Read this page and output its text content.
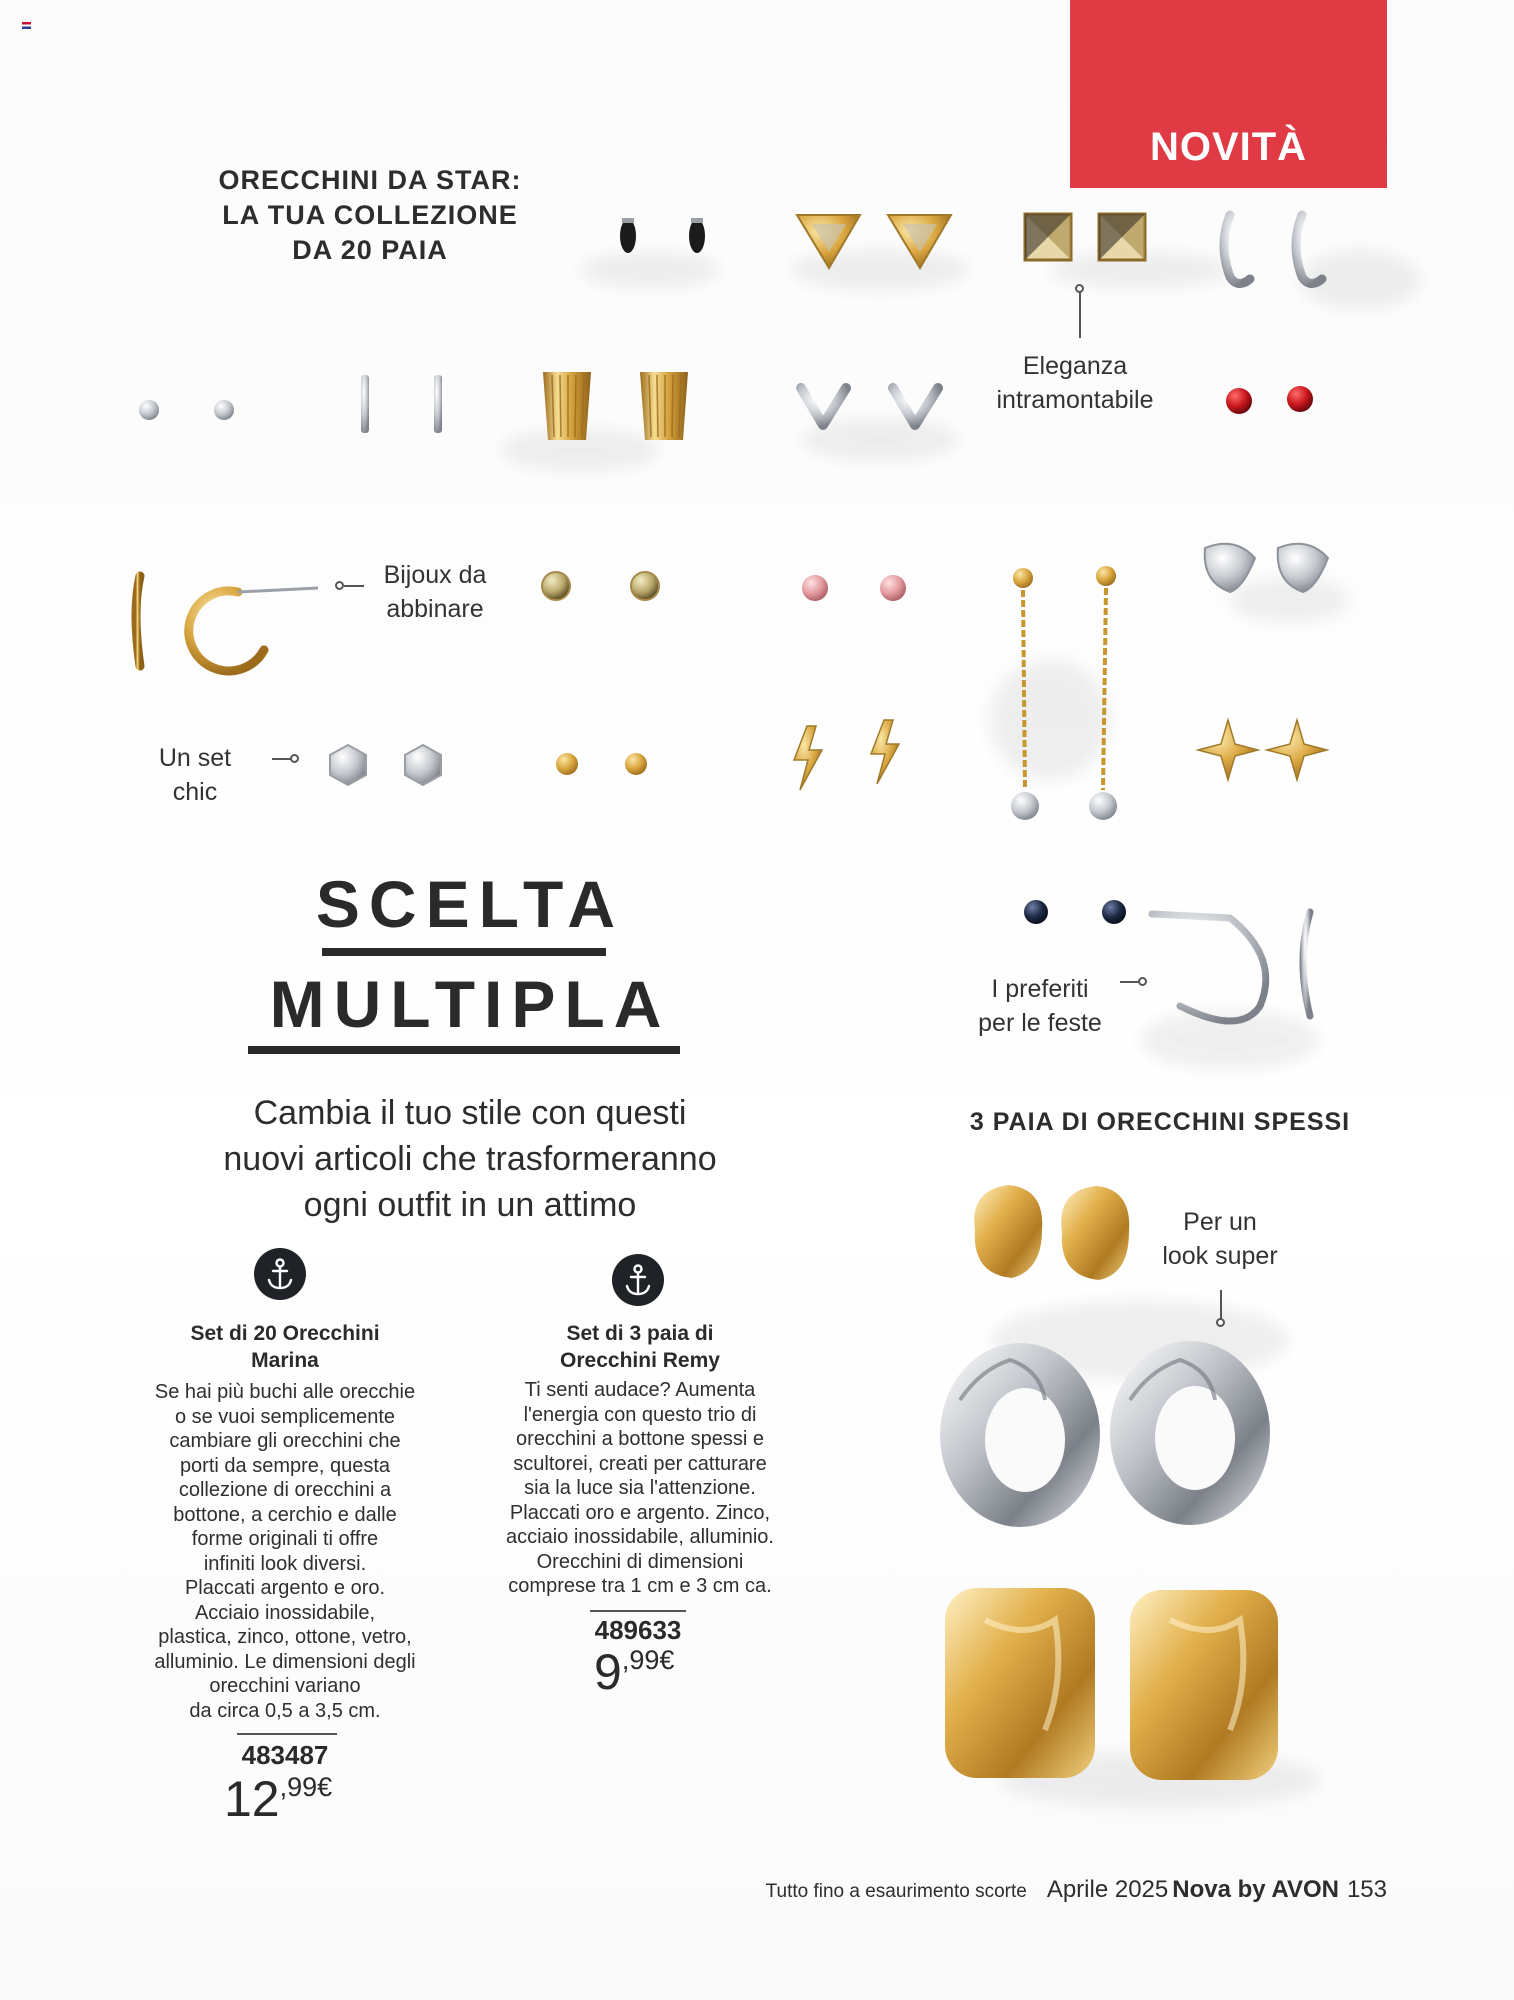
NOVITÀ
ORECCHINI DA STAR:
LA TUA COLLEZIONE
DA 20 PAIA
Eleganza
intramontabile
Bijoux da
abbinare
Un set
chic
I preferiti
per le feste
SCELTA
MULTIPLA
Cambia il tuo stile con questi
nuovi articoli che trasformeranno
ogni outfit in un attimo
Set di 20 Orecchini
Marina
Se hai più buchi alle orecchie
o se vuoi semplicemente
cambiare gli orecchini che
porti da sempre, questa
collezione di orecchini a
bottone, a cerchio e dalle
forme originali ti offre
infiniti look diversi.
Placcati argento e oro.
Acciaio inossidabile,
plastica, zinco, ottone, vetro,
alluminio. Le dimensioni degli
orecchini variano
da circa 0,5 a 3,5 cm.
483487
$12^{,99€}$
Set di 3 paia di
Orecchini Remy
Ti senti audace? Aumenta
l'energia con questo trio di
orecchini a bottone spessi e
scultorei, creati per catturare
sia la luce sia l'attenzione.
Placcati oro e argento. Zinco,
acciaio inossidabile, alluminio.
Orecchini di dimensioni
comprese tra 1 cm e 3 cm ca.
489633
$9^{,99€}$
3 PAIA DI ORECCHINI SPESSI
Per un
look super
Tutto fino a esaurimento scorte Aprile 2025 Nova by AVON 153
